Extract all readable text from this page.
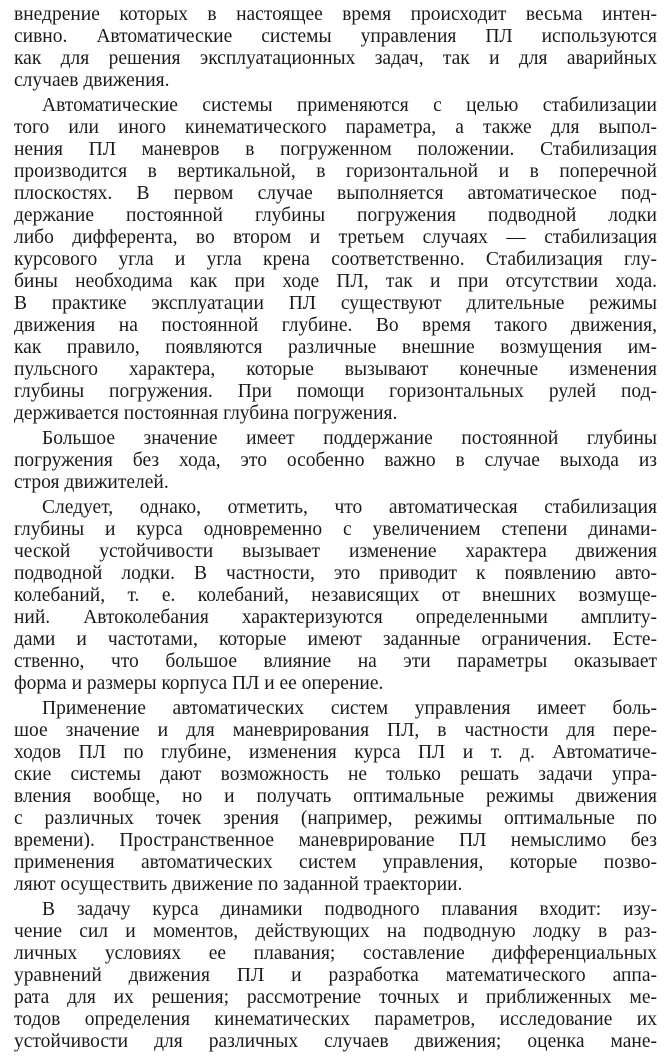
внедрение которых в настоящее время происходит весьма интен-
сивно. Автоматические системы управления ПЛ используются
как для решения эксплуатационных задач, так и для аварийных
случаев движения.
Автоматические системы применяются с целью стабилизации
того или иного кинематического параметра, а также для выпол-
нения ПЛ маневров в погруженном положении. Стабилизация
производится в вертикальной, в горизонтальной и в поперечной
плоскостях. В первом случае выполняется автоматическое под-
держание постоянной глубины погружения подводной лодки
либо дифферента, во втором и третьем случаях — стабилизация
курсового угла и угла крена соответственно. Стабилизация глу-
бины необходима как при ходе ПЛ, так и при отсутствии хода.
В практике эксплуатации ПЛ существуют длительные режимы
движения на постоянной глубине. Во время такого движения,
как правило, появляются различные внешние возмущения им-
пульсного характера, которые вызывают конечные изменения
глубины погружения. При помощи горизонтальных рулей под-
держивается постоянная глубина погружения.
Большое значение имеет поддержание постоянной глубины
погружения без хода, это особенно важно в случае выхода из
строя движителей.
Следует, однако, отметить, что автоматическая стабилизация
глубины и курса одновременно с увеличением степени динами-
ческой устойчивости вызывает изменение характера движения
подводной лодки. В частности, это приводит к появлению авто-
колебаний, т. е. колебаний, независящих от внешних возмуще-
ний. Автоколебания характеризуются определенными амплиту-
дами и частотами, которые имеют заданные ограничения. Есте-
ственно, что большое влияние на эти параметры оказывает
форма и размеры корпуса ПЛ и ее оперение.
Применение автоматических систем управления имеет боль-
шое значение и для маневрирования ПЛ, в частности для пере-
ходов ПЛ по глубине, изменения курса ПЛ и т. д. Автоматиче-
ские системы дают возможность не только решать задачи упра-
вления вообще, но и получать оптимальные режимы движения
с различных точек зрения (например, режимы оптимальные по
времени). Пространственное маневрирование ПЛ немыслимо без
применения автоматических систем управления, которые позво-
ляют осуществить движение по заданной траектории.
В задачу курса динамики подводного плавания входит: изу-
чение сил и моментов, действующих на подводную лодку в раз-
личных условиях ее плавания; составление дифференциальных
уравнений движения ПЛ и разработка математического аппа-
рата для их решения; рассмотрение точных и приближенных ме-
тодов определения кинематических параметров, исследование их
устойчивости для различных случаев движения; оценка мане-
